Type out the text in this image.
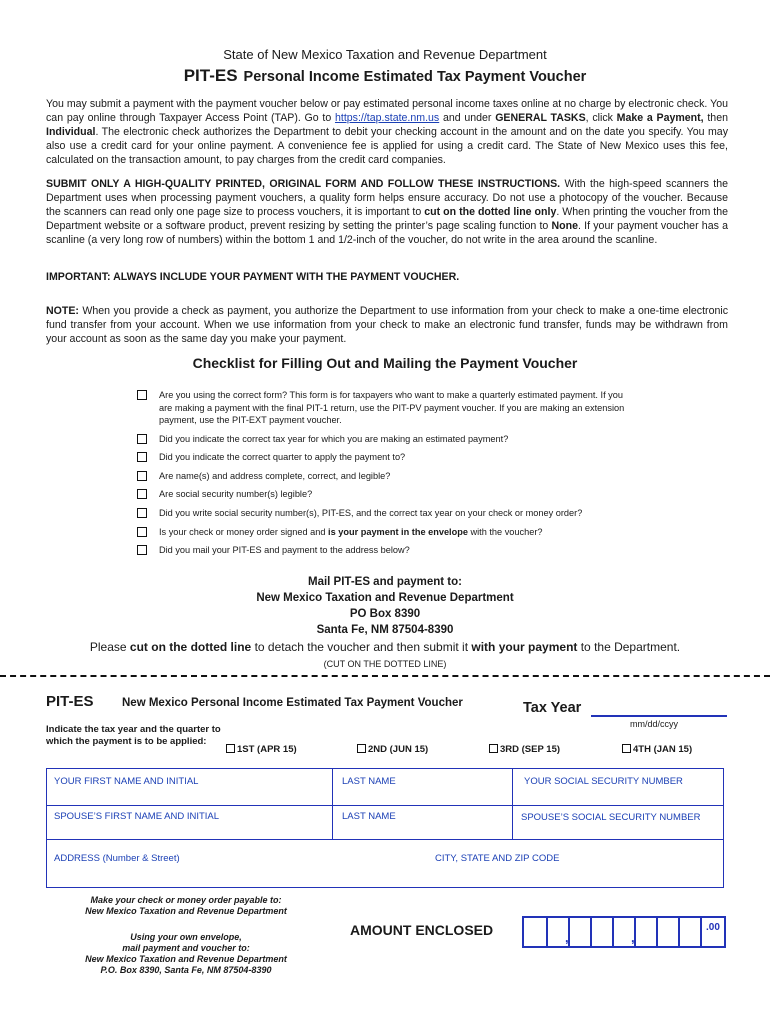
State of New Mexico Taxation and Revenue Department
PIT-ES Personal Income Estimated Tax Payment Voucher
You may submit a payment with the payment voucher below or pay estimated personal income taxes online at no charge by electronic check. You can pay online through Taxpayer Access Point (TAP). Go to https://tap.state.nm.us and under GENERAL TASKS, click Make a Payment, then Individual. The electronic check authorizes the Department to debit your checking account in the amount and on the date you specify. You may also use a credit card for your online payment. A convenience fee is applied for using a credit card. The State of New Mexico uses this fee, calculated on the transaction amount, to pay charges from the credit card companies.
SUBMIT ONLY A HIGH-QUALITY PRINTED, ORIGINAL FORM AND FOLLOW THESE INSTRUCTIONS. With the high-speed scanners the Department uses when processing payment vouchers, a quality form helps ensure accuracy. Do not use a photocopy of the voucher. Because the scanners can read only one page size to process vouchers, it is important to cut on the dotted line only. When printing the voucher from the Department website or a software product, prevent resizing by setting the printer’s page scaling function to None. If your payment voucher has a scanline (a very long row of numbers) within the bottom 1 and 1/2-inch of the voucher, do not write in the area around the scanline.
IMPORTANT: ALWAYS INCLUDE YOUR PAYMENT WITH THE PAYMENT VOUCHER.
NOTE: When you provide a check as payment, you authorize the Department to use information from your check to make a one-time electronic fund transfer from your account. When we use information from your check to make an electronic fund transfer, funds may be withdrawn from your account as soon as the same day you make your payment.
Checklist for Filling Out and Mailing the Payment Voucher
Are you using the correct form? This form is for taxpayers who want to make a quarterly estimated payment. If you are making a payment with the final PIT-1 return, use the PIT-PV payment voucher. If you are making an extension payment, use the PIT-EXT payment voucher.
Did you indicate the correct tax year for which you are making an estimated payment?
Did you indicate the correct quarter to apply the payment to?
Are name(s) and address complete, correct, and legible?
Are social security number(s) legible?
Did you write social security number(s), PIT-ES, and the correct tax year on your check or money order?
Is your check or money order signed and is your payment in the envelope with the voucher?
Did you mail your PIT-ES and payment to the address below?
Mail PIT-ES and payment to:
New Mexico Taxation and Revenue Department
PO Box 8390
Santa Fe, NM 87504-8390
Please cut on the dotted line to detach the voucher and then submit it with your payment to the Department.
(CUT ON THE DOTTED LINE)
PIT-ES New Mexico Personal Income Estimated Tax Payment Voucher	Tax Year
mm/dd/ccyy
Indicate the tax year and the quarter to which the payment is to be applied:
1ST (APR 15)	2ND (JUN 15)	3RD (SEP 15)	4TH (JAN 15)
YOUR FIRST NAME AND INITIAL	LAST NAME	YOUR SOCIAL SECURITY NUMBER
SPOUSE’S FIRST NAME AND INITIAL	LAST NAME	SPOUSE’S SOCIAL SECURITY NUMBER
ADDRESS (Number & Street)	CITY, STATE AND ZIP CODE
Make your check or money order payable to:
New Mexico Taxation and Revenue Department
Using your own envelope,
mail payment and voucher to:
New Mexico Taxation and Revenue Department
P.O. Box 8390, Santa Fe, NM 87504-8390
AMOUNT ENCLOSED	,	,
.00
